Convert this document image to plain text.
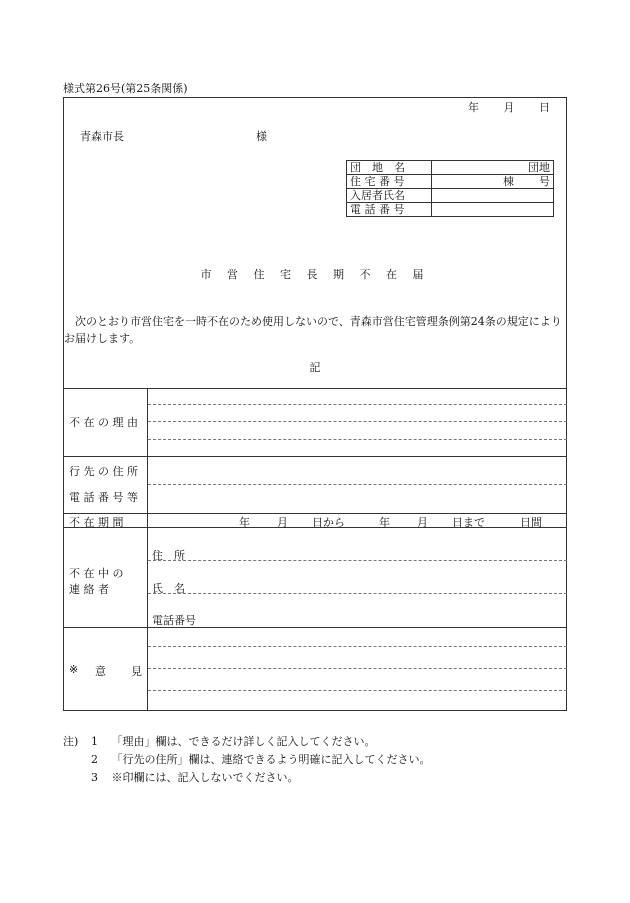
様式第26号(第25条関係)
年 月 日
青森市長	様
団　地　名	団地
住 宅 番 号	棟 号

入居者氏名	
電 話 番 号	
市 営 住 宅 長 期 不 在 届
次のとおり市営住宅を一時不在のため使用しないので、青森市営住宅管理条例第24条の規定によりお届けします。
記
不 在 の 理 由
行 先 の 住 所
電 話 番 号 等
不 在 期 間	年 月 日から	年 月 日まで	日間
不 在 中 の
連 絡 者
住　所
氏　名
電話番号
※ 意 見
注) 1 「理由」欄は、できるだけ詳しく記入してください。
2 「行先の住所」欄は、連絡できるよう明確に記入してください。
3 ※印欄には、記入しないでください。
